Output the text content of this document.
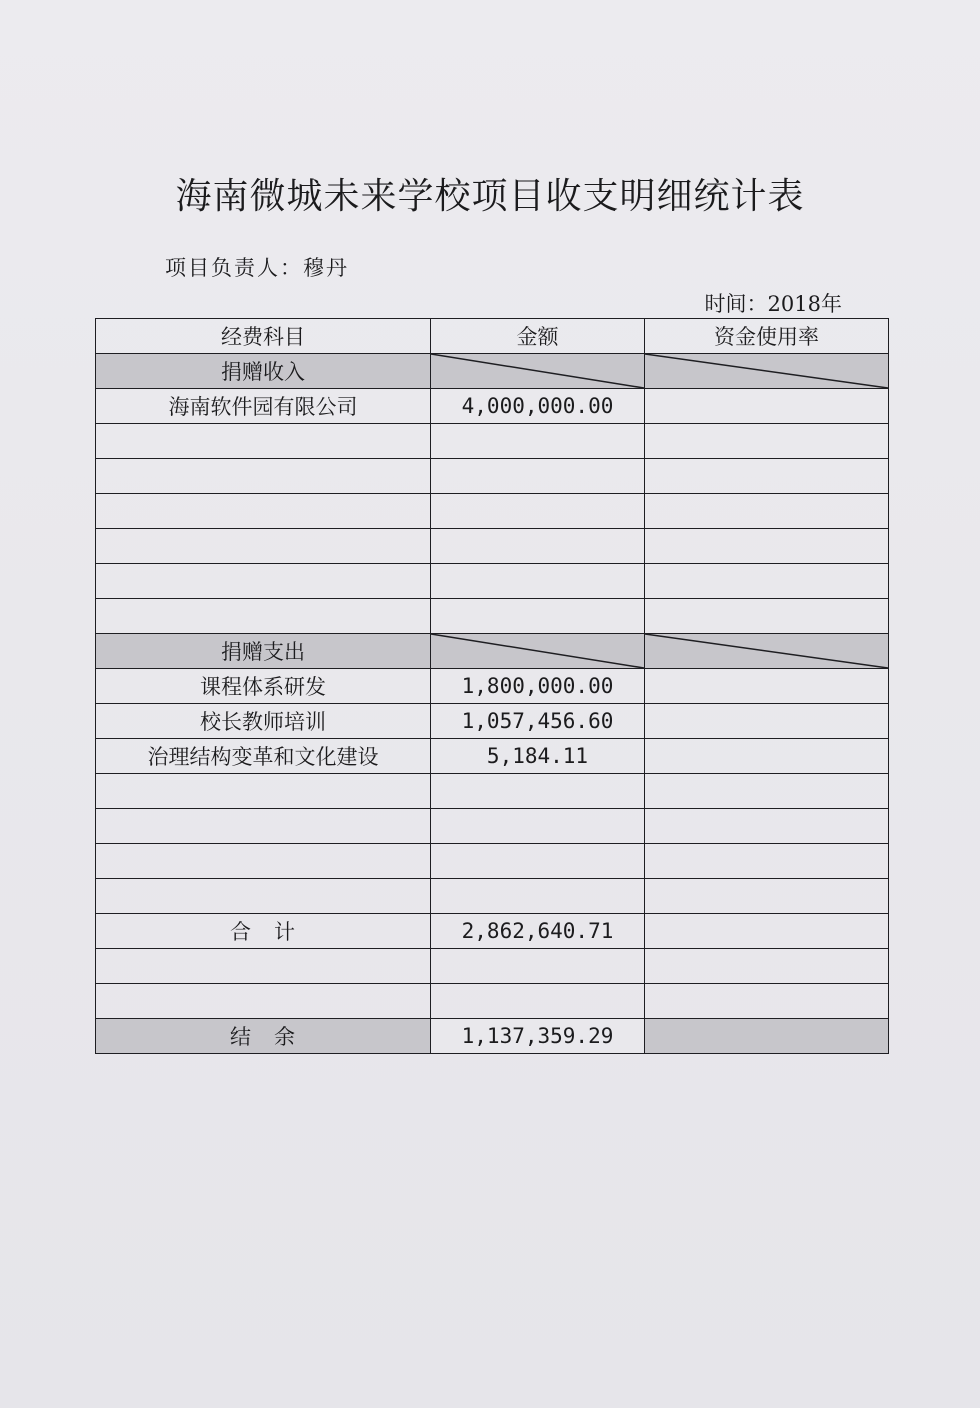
海南微城未来学校项目收支明细统计表
项目负责人：穆丹
时间：2018年
经费科目	金额	资金使用率
捐赠收入	

海南软件园有限公司	4,000,000.00	

捐赠支出	

课程体系研发	1,800,000.00	
校长教师培训	1,057,456.60	
治理结构变革和文化建设	5,184.11	

合　计	2,862,640.71	

结　余	1,137,359.29	
